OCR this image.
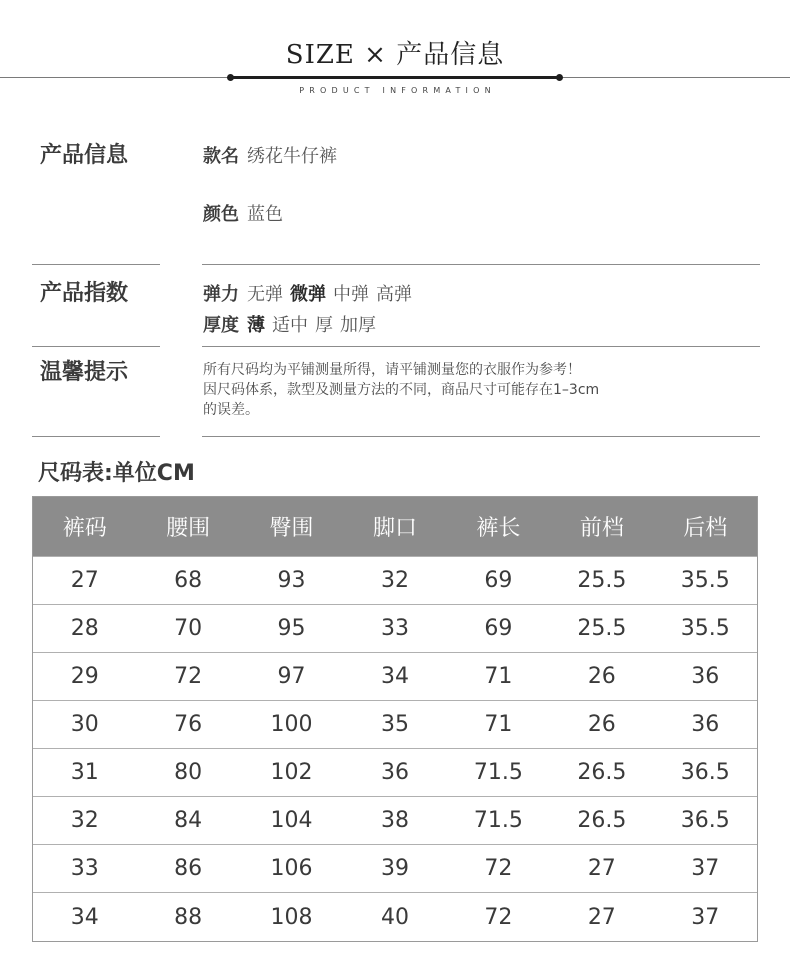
SIZE × 产品信息
PRODUCT INFORMATION
产品信息	款名 绣花牛仔裤
颜色 蓝色
产品指数	弹力 无弹 微弹 中弹 高弹
厚度 薄 适中 厚 加厚
温馨提示	所有尺码均为平铺测量所得，请平铺测量您的衣服作为参考！
因尺码体系，款型及测量方法的不同，商品尺寸可能存在1–3cm
的误差。
尺码表:单位CM
裤码	腰围	臀围	脚口	裤长	前档	后档
27	68	93	32	69	25.5	35.5
28	70	95	33	69	25.5	35.5
29	72	97	34	71	26	36
30	76	100	35	71	26	36
31	80	102	36	71.5	26.5	36.5
32	84	104	38	71.5	26.5	36.5
33	86	106	39	72	27	37
34	88	108	40	72	27	37
